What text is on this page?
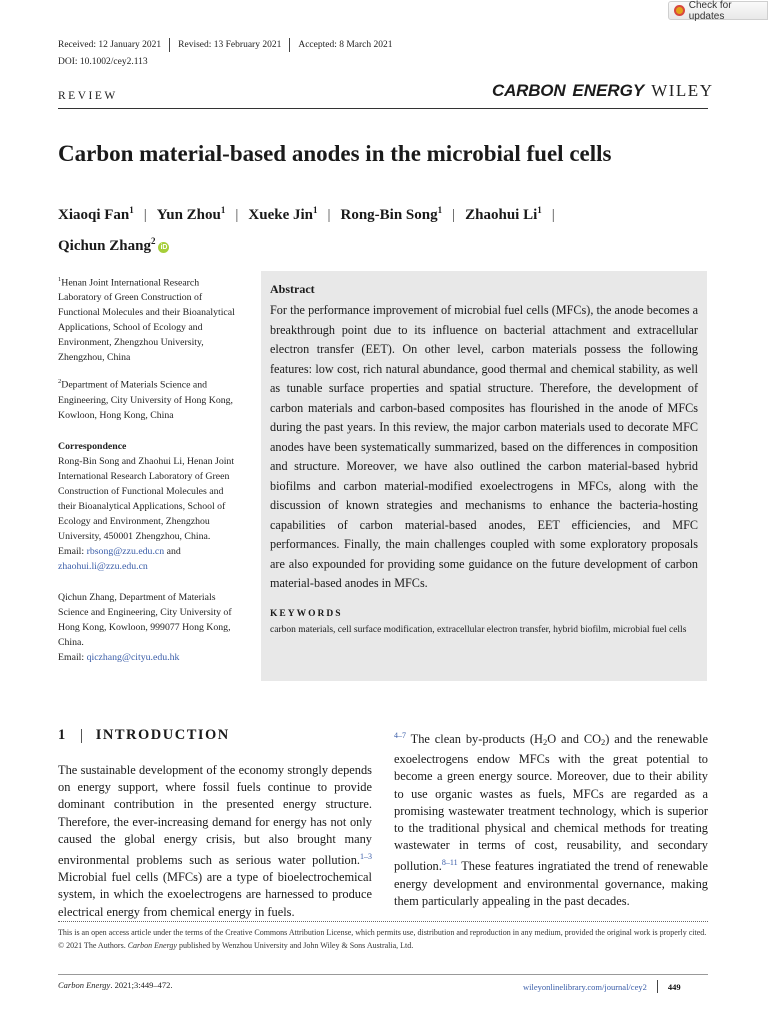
Check for updates
Received: 12 January 2021 Revised: 13 February 2021 Accepted: 8 March 2021
DOI: 10.1002/cey2.113
REVIEW	CARBON ENERGY WILEY
Carbon material-based anodes in the microbial fuel cells
Xiaoqi Fan$^1$ | Yun Zhou$^1$ | Xueke Jin$^1$ | Rong-Bin Song$^1$ | Zhaohui Li$^1$ |
Qichun Zhang$^2$iD

$^1$Henan Joint International Research Laboratory of Green Construction of Functional Molecules and their Bioanalytical Applications, School of Ecology and Environment, Zhengzhou University, Zhengzhou, China

$^2$Department of Materials Science and Engineering, City University of Hong Kong, Kowloon, Hong Kong, China

Correspondence

Rong-Bin Song and Zhaohui Li, Henan Joint International Research Laboratory of Green Construction of Functional Molecules and their Bioanalytical Applications, School of Ecology and Environment, Zhengzhou University, 450001 Zhengzhou, China.
Email: rbsong@zzu.edu.cn and
zhaohui.li@zzu.edu.cn

Qichun Zhang, Department of Materials Science and Engineering, City University of Hong Kong, Kowloon, 999077 Hong Kong, China.
Email: qiczhang@cityu.edu.hk

Abstract

For the performance improvement of microbial fuel cells (MFCs), the anode becomes a breakthrough point due to its influence on bacterial attachment and extracellular electron transfer (EET). On other level, carbon materials possess the following features: low cost, rich natural abundance, good thermal and chemical stability, as well as tunable surface properties and spatial structure. Therefore, the development of carbon materials and carbon-based composites has flourished in the anode of MFCs during the past years. In this review, the major carbon materials used to decorate MFC anodes have been systematically summarized, based on the differences in composition and structure. Moreover, we have also outlined the carbon material-based hybrid biofilms and carbon material-modified exoelectrogens in MFCs, along with the discussion of known strategies and mechanisms to enhance the bacteria-hosting capabilities of carbon material-based anodes, EET efficiencies, and MFC performances. Finally, the main challenges coupled with some exploratory proposals are also expounded for providing some guidance on the future development of carbon material-based anodes in MFCs.

KEYWORDS

carbon materials, cell surface modification, extracellular electron transfer, hybrid biofilm, microbial fuel cells

1 INTRODUCTION

The sustainable development of the economy strongly depends on energy support, where fossil fuels continue to provide dominant contribution in the presented energy structure. Therefore, the ever-increasing demand for energy has not only caused the global energy crisis, but also brought many environmental problems such as serious water pollution.$^{1-3}$ Microbial fuel cells (MFCs) are a type of bioelectrochemical system, in which the exoelectrogens are harnessed to produce electrical energy from chemical energy in fuels.

$^{4-7}$ The clean by-products ($H_2O$ and $CO_2$) and the renewable exoelectrogens endow MFCs with the great potential to become a green energy source. Moreover, due to their ability to use organic wastes as fuels, MFCs are regarded as a promising wastewater treatment technology, which is superior to the traditional physical and chemical methods for treating wastewater in terms of cost, reusability, and secondary pollution.$^{8-11}$ These features ingratiated the trend of renewable energy development and environmental governance, making them particularly appealing in the past decades.

This is an open access article under the terms of the Creative Commons Attribution License, which permits use, distribution and reproduction in any medium, provided the original work is properly cited.

© 2021 The Authors. Carbon Energy published by Wenzhou University and John Wiley & Sons Australia, Ltd.

Carbon Energy. 2021;3:449–472.	wileyonlinelibrary.com/journal/cey2 449
